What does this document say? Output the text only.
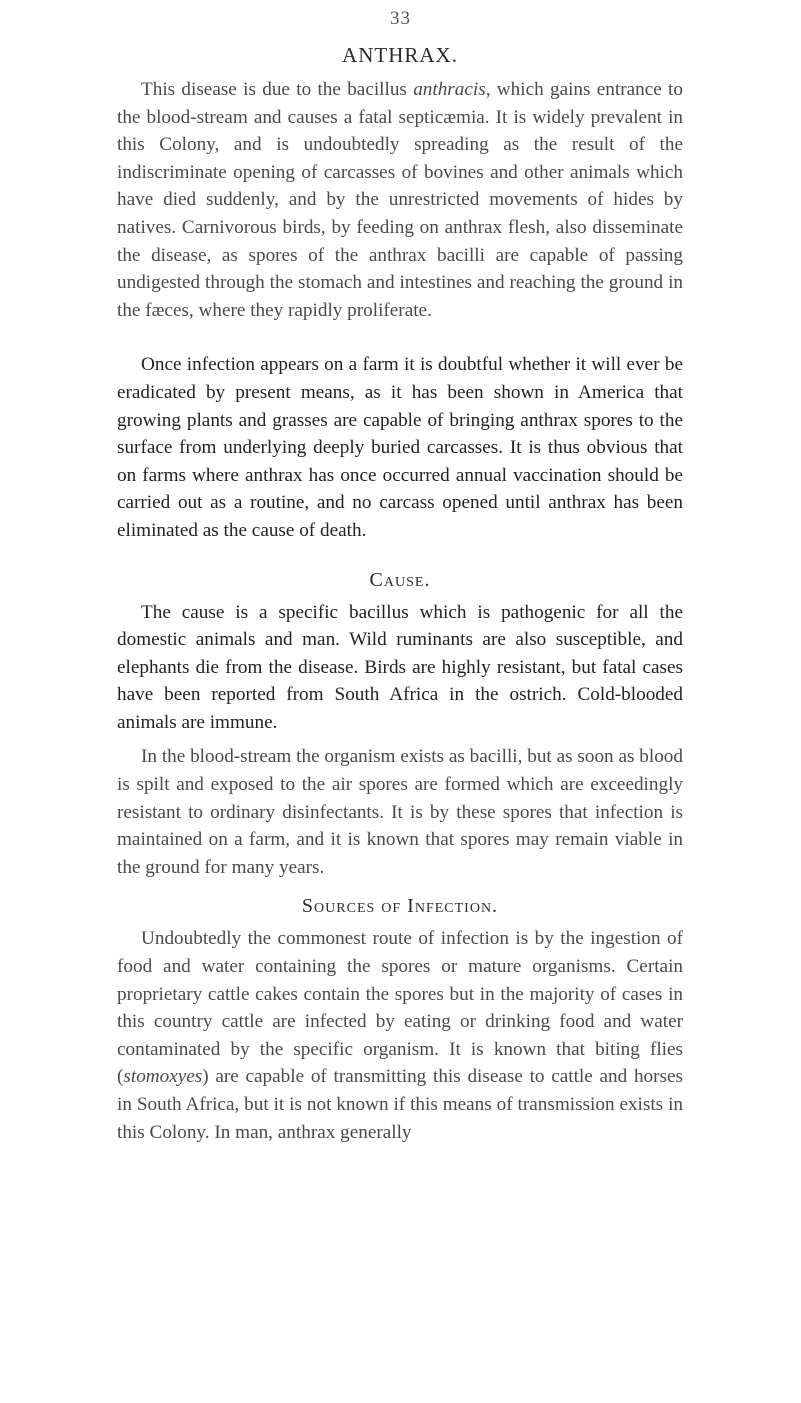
33
ANTHRAX.

This disease is due to the bacillus anthracis, which gains entrance to the blood-stream and causes a fatal septicæmia. It is widely prevalent in this Colony, and is undoubtedly spreading as the result of the indiscriminate opening of carcasses of bovines and other animals which have died suddenly, and by the unrestricted movements of hides by natives. Carnivorous birds, by feeding on anthrax flesh, also disseminate the disease, as spores of the anthrax bacilli are capable of passing undigested through the stomach and intestines and reaching the ground in the fæces, where they rapidly proliferate.

Once infection appears on a farm it is doubtful whether it will ever be eradicated by present means, as it has been shown in America that growing plants and grasses are capable of bringing anthrax spores to the surface from underlying deeply buried carcasses. It is thus obvious that on farms where anthrax has once occurred annual vaccination should be carried out as a routine, and no carcass opened until anthrax has been eliminated as the cause of death.

Cause.

The cause is a specific bacillus which is pathogenic for all the domestic animals and man. Wild ruminants are also susceptible, and elephants die from the disease. Birds are highly resistant, but fatal cases have been reported from South Africa in the ostrich. Cold-blooded animals are immune.

In the blood-stream the organism exists as bacilli, but as soon as blood is spilt and exposed to the air spores are formed which are exceedingly resistant to ordinary disinfectants. It is by these spores that infection is maintained on a farm, and it is known that spores may remain viable in the ground for many years.

Sources of Infection.

Undoubtedly the commonest route of infection is by the ingestion of food and water containing the spores or mature organisms. Certain proprietary cattle cakes contain the spores but in the majority of cases in this country cattle are infected by eating or drinking food and water contaminated by the specific organism. It is known that biting flies (stomoxyes) are capable of transmitting this disease to cattle and horses in South Africa, but it is not known if this means of transmission exists in this Colony. In man, anthrax generally
